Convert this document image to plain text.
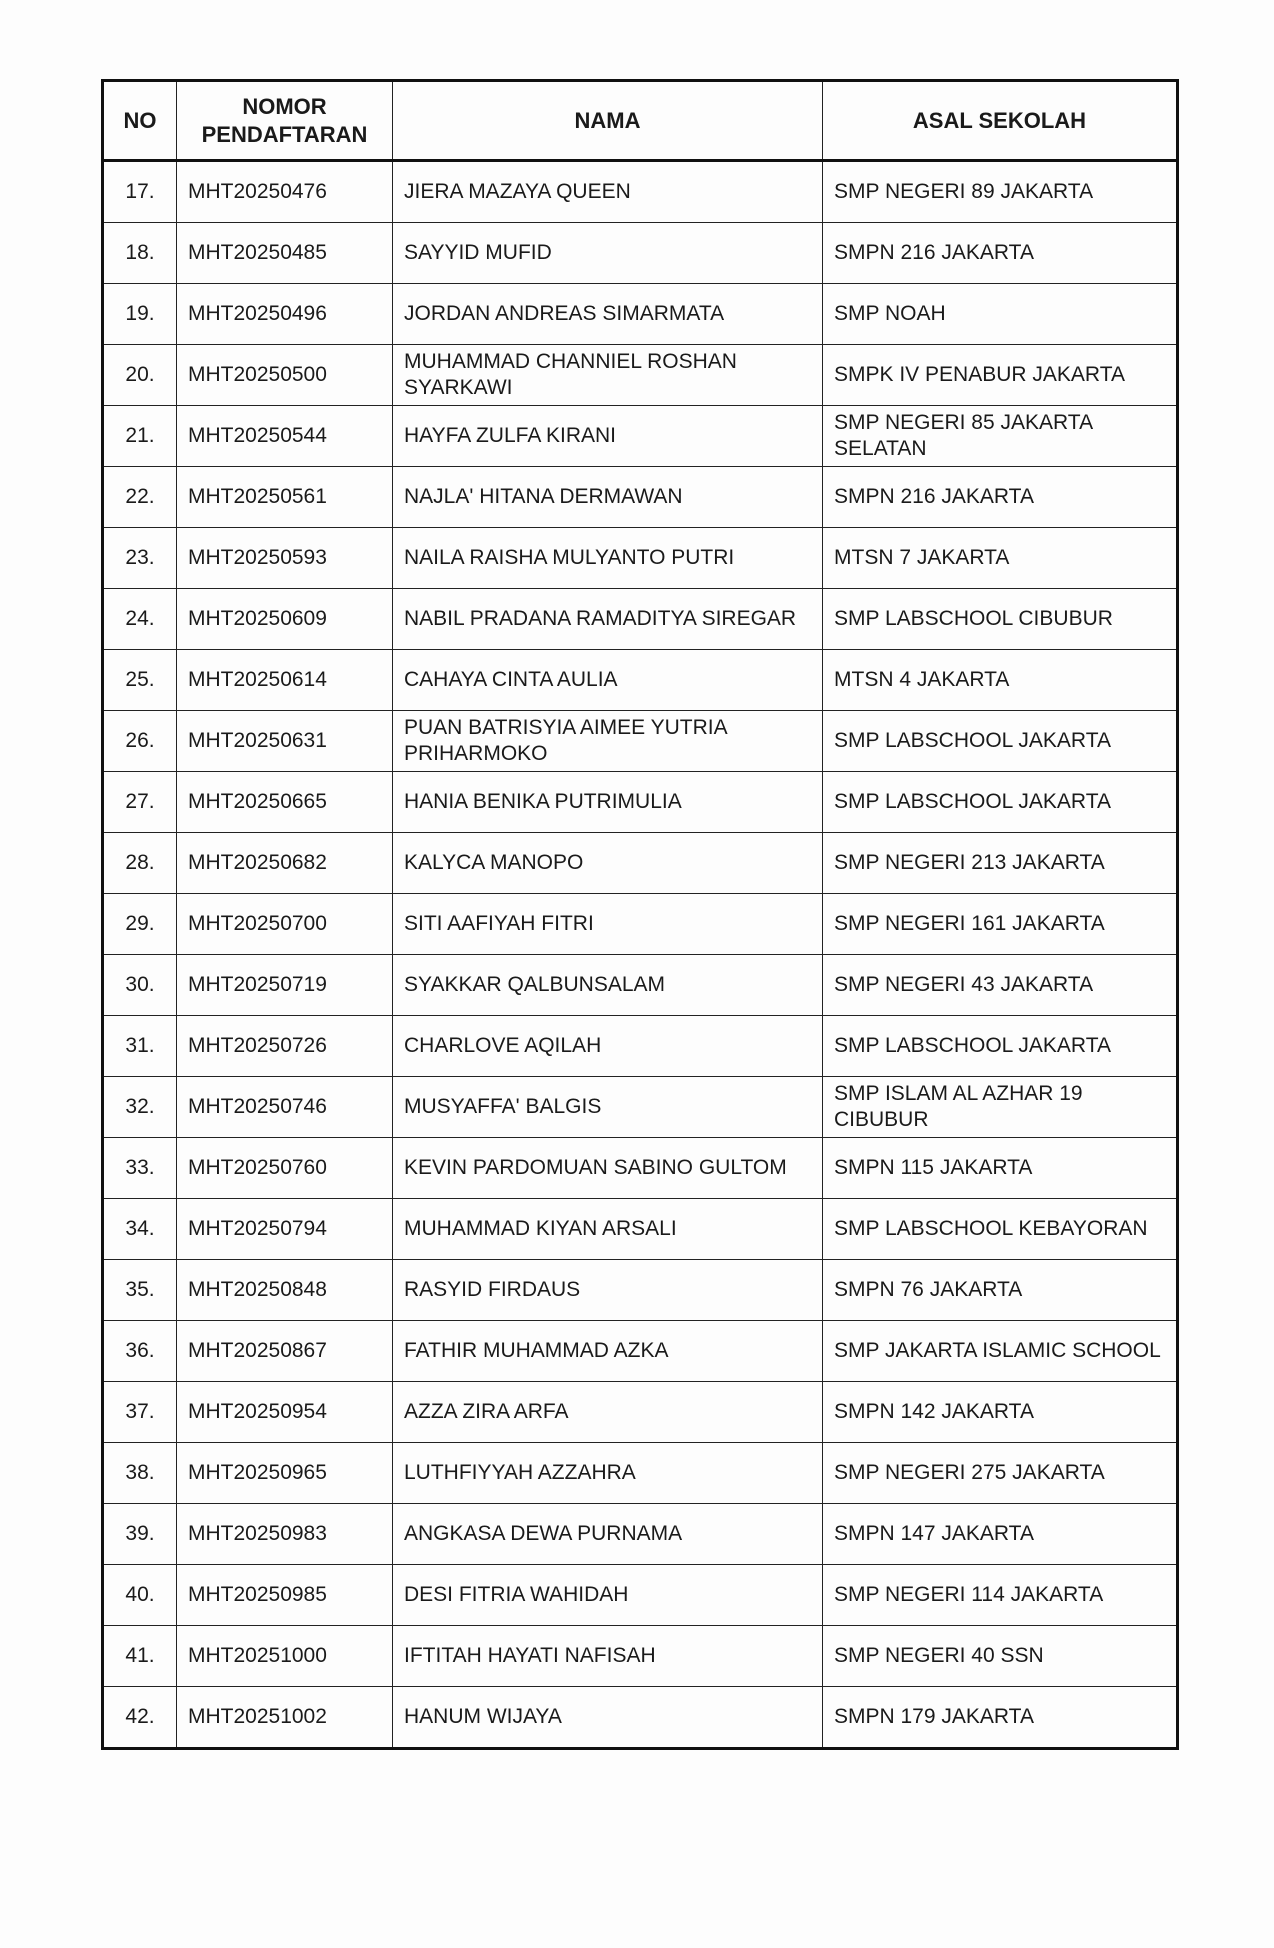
NO	NOMOR PENDAFTARAN	NAMA	ASAL SEKOLAH
17.	MHT20250476	JIERA MAZAYA QUEEN	SMP NEGERI 89 JAKARTA
18.	MHT20250485	SAYYID MUFID	SMPN 216 JAKARTA
19.	MHT20250496	JORDAN ANDREAS SIMARMATA	SMP NOAH
20.	MHT20250500	MUHAMMAD CHANNIEL ROSHAN SYARKAWI	SMPK IV PENABUR JAKARTA
21.	MHT20250544	HAYFA ZULFA KIRANI	SMP NEGERI 85 JAKARTA SELATAN
22.	MHT20250561	NAJLA' HITANA DERMAWAN	SMPN 216 JAKARTA
23.	MHT20250593	NAILA RAISHA MULYANTO PUTRI	MTSN 7 JAKARTA
24.	MHT20250609	NABIL PRADANA RAMADITYA SIREGAR	SMP LABSCHOOL CIBUBUR
25.	MHT20250614	CAHAYA CINTA AULIA	MTSN 4 JAKARTA
26.	MHT20250631	PUAN BATRISYIA AIMEE YUTRIA PRIHARMOKO	SMP LABSCHOOL JAKARTA
27.	MHT20250665	HANIA BENIKA PUTRIMULIA	SMP LABSCHOOL JAKARTA
28.	MHT20250682	KALYCA MANOPO	SMP NEGERI 213 JAKARTA
29.	MHT20250700	SITI AAFIYAH FITRI	SMP NEGERI 161 JAKARTA
30.	MHT20250719	SYAKKAR QALBUNSALAM	SMP NEGERI 43 JAKARTA
31.	MHT20250726	CHARLOVE AQILAH	SMP LABSCHOOL JAKARTA
32.	MHT20250746	MUSYAFFA' BALGIS	SMP ISLAM AL AZHAR 19 CIBUBUR
33.	MHT20250760	KEVIN PARDOMUAN SABINO GULTOM	SMPN 115 JAKARTA
34.	MHT20250794	MUHAMMAD KIYAN ARSALI	SMP LABSCHOOL KEBAYORAN
35.	MHT20250848	RASYID FIRDAUS	SMPN 76 JAKARTA
36.	MHT20250867	FATHIR MUHAMMAD AZKA	SMP JAKARTA ISLAMIC SCHOOL
37.	MHT20250954	AZZA ZIRA ARFA	SMPN 142 JAKARTA
38.	MHT20250965	LUTHFIYYAH AZZAHRA	SMP NEGERI 275 JAKARTA
39.	MHT20250983	ANGKASA DEWA PURNAMA	SMPN 147 JAKARTA
40.	MHT20250985	DESI FITRIA WAHIDAH	SMP NEGERI 114 JAKARTA
41.	MHT20251000	IFTITAH HAYATI NAFISAH	SMP NEGERI 40 SSN
42.	MHT20251002	HANUM WIJAYA	SMPN 179 JAKARTA
